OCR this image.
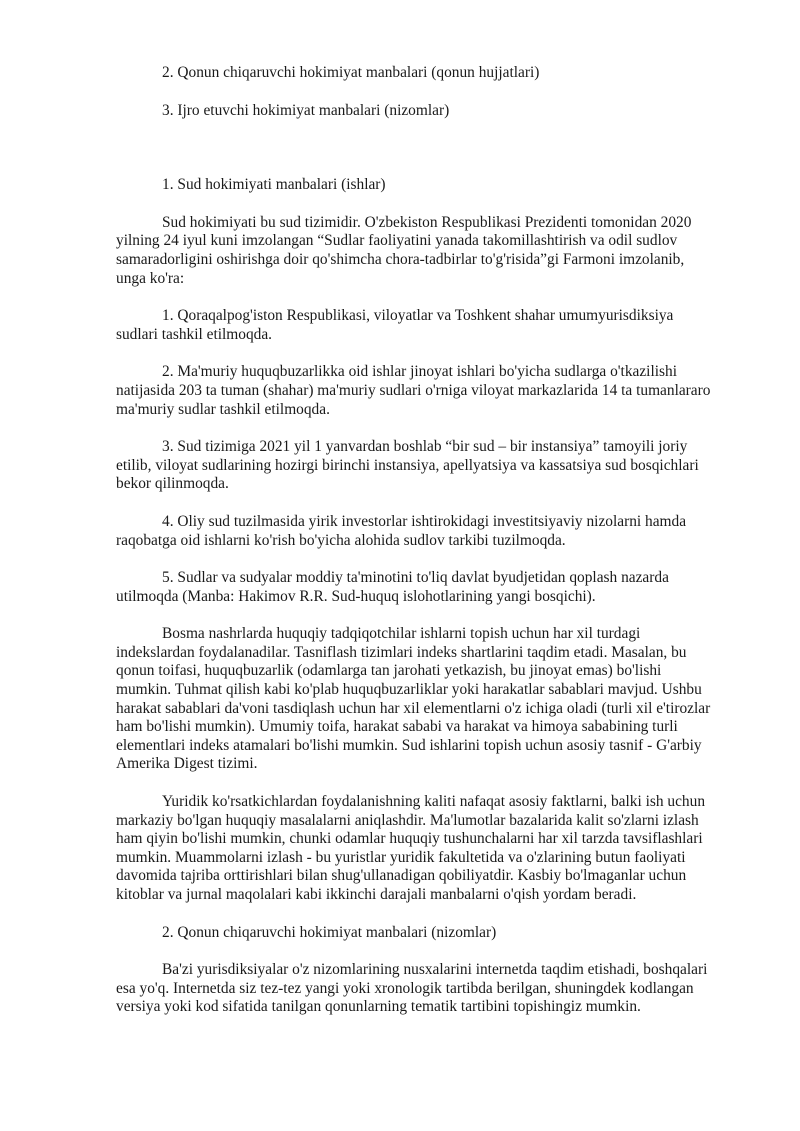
2. Qonun chiqaruvchi hokimiyat manbalari (qonun hujjatlari)

3. Ijro etuvchi hokimiyat manbalari (nizomlar)

1. Sud hokimiyati manbalari (ishlar)

Sud hokimiyati bu sud tizimidir. O'zbekiston Respublikasi Prezidenti tomonidan 2020 yilning 24 iyul kuni imzolangan “Sudlar faoliyatini yanada takomillashtirish va odil sudlov samaradorligini oshirishga doir qo'shimcha chora-tadbirlar to'g'risida”gi Farmoni imzolanib, unga ko'ra:

1. Qoraqalpog'iston Respublikasi, viloyatlar va Toshkent shahar umumyurisdiksiya sudlari tashkil etilmoqda.

2. Ma'muriy huquqbuzarlikka oid ishlar jinoyat ishlari bo'yicha sudlarga o'tkazilishi natijasida 203 ta tuman (shahar) ma'muriy sudlari o'rniga viloyat markazlarida 14 ta tumanlararo ma'muriy sudlar tashkil etilmoqda.

3. Sud tizimiga 2021 yil 1 yanvardan boshlab “bir sud – bir instansiya” tamoyili joriy etilib, viloyat sudlarining hozirgi birinchi instansiya, apellyatsiya va kassatsiya sud bosqichlari bekor qilinmoqda.

4. Oliy sud tuzilmasida yirik investorlar ishtirokidagi investitsiyaviy nizolarni hamda raqobatga oid ishlarni ko'rish bo'yicha alohida sudlov tarkibi tuzilmoqda.

5. Sudlar va sudyalar moddiy ta'minotini to'liq davlat byudjetidan qoplash nazarda utilmoqda (Manba: Hakimov R.R. Sud-huquq islohotlarining yangi bosqichi).

Bosma nashrlarda huquqiy tadqiqotchilar ishlarni topish uchun har xil turdagi indekslardan foydalanadilar. Tasniflash tizimlari indeks shartlarini taqdim etadi. Masalan, bu qonun toifasi, huquqbuzarlik (odamlarga tan jarohati yetkazish, bu jinoyat emas) bo'lishi mumkin. Tuhmat qilish kabi ko'plab huquqbuzarliklar yoki harakatlar sabablari mavjud. Ushbu harakat sabablari da'voni tasdiqlash uchun har xil elementlarni o'z ichiga oladi (turli xil e'tirozlar ham bo'lishi mumkin). Umumiy toifa, harakat sababi va harakat va himoya sababining turli elementlari indeks atamalari bo'lishi mumkin. Sud ishlarini topish uchun asosiy tasnif - G'arbiy Amerika Digest tizimi.

Yuridik ko'rsatkichlardan foydalanishning kaliti nafaqat asosiy faktlarni, balki ish uchun markaziy bo'lgan huquqiy masalalarni aniqlashdir. Ma'lumotlar bazalarida kalit so'zlarni izlash ham qiyin bo'lishi mumkin, chunki odamlar huquqiy tushunchalarni har xil tarzda tavsiflashlari mumkin. Muammolarni izlash - bu yuristlar yuridik fakultetida va o'zlarining butun faoliyati davomida tajriba orttirishlari bilan shug'ullanadigan qobiliyatdir. Kasbiy bo'lmaganlar uchun kitoblar va jurnal maqolalari kabi ikkinchi darajali manbalarni o'qish yordam beradi.

2. Qonun chiqaruvchi hokimiyat manbalari (nizomlar)

Ba'zi yurisdiksiyalar o'z nizomlarining nusxalarini internetda taqdim etishadi, boshqalari esa yo'q. Internetda siz tez-tez yangi yoki xronologik tartibda berilgan, shuningdek kodlangan versiya yoki kod sifatida tanilgan qonunlarning tematik tartibini topishingiz mumkin.
